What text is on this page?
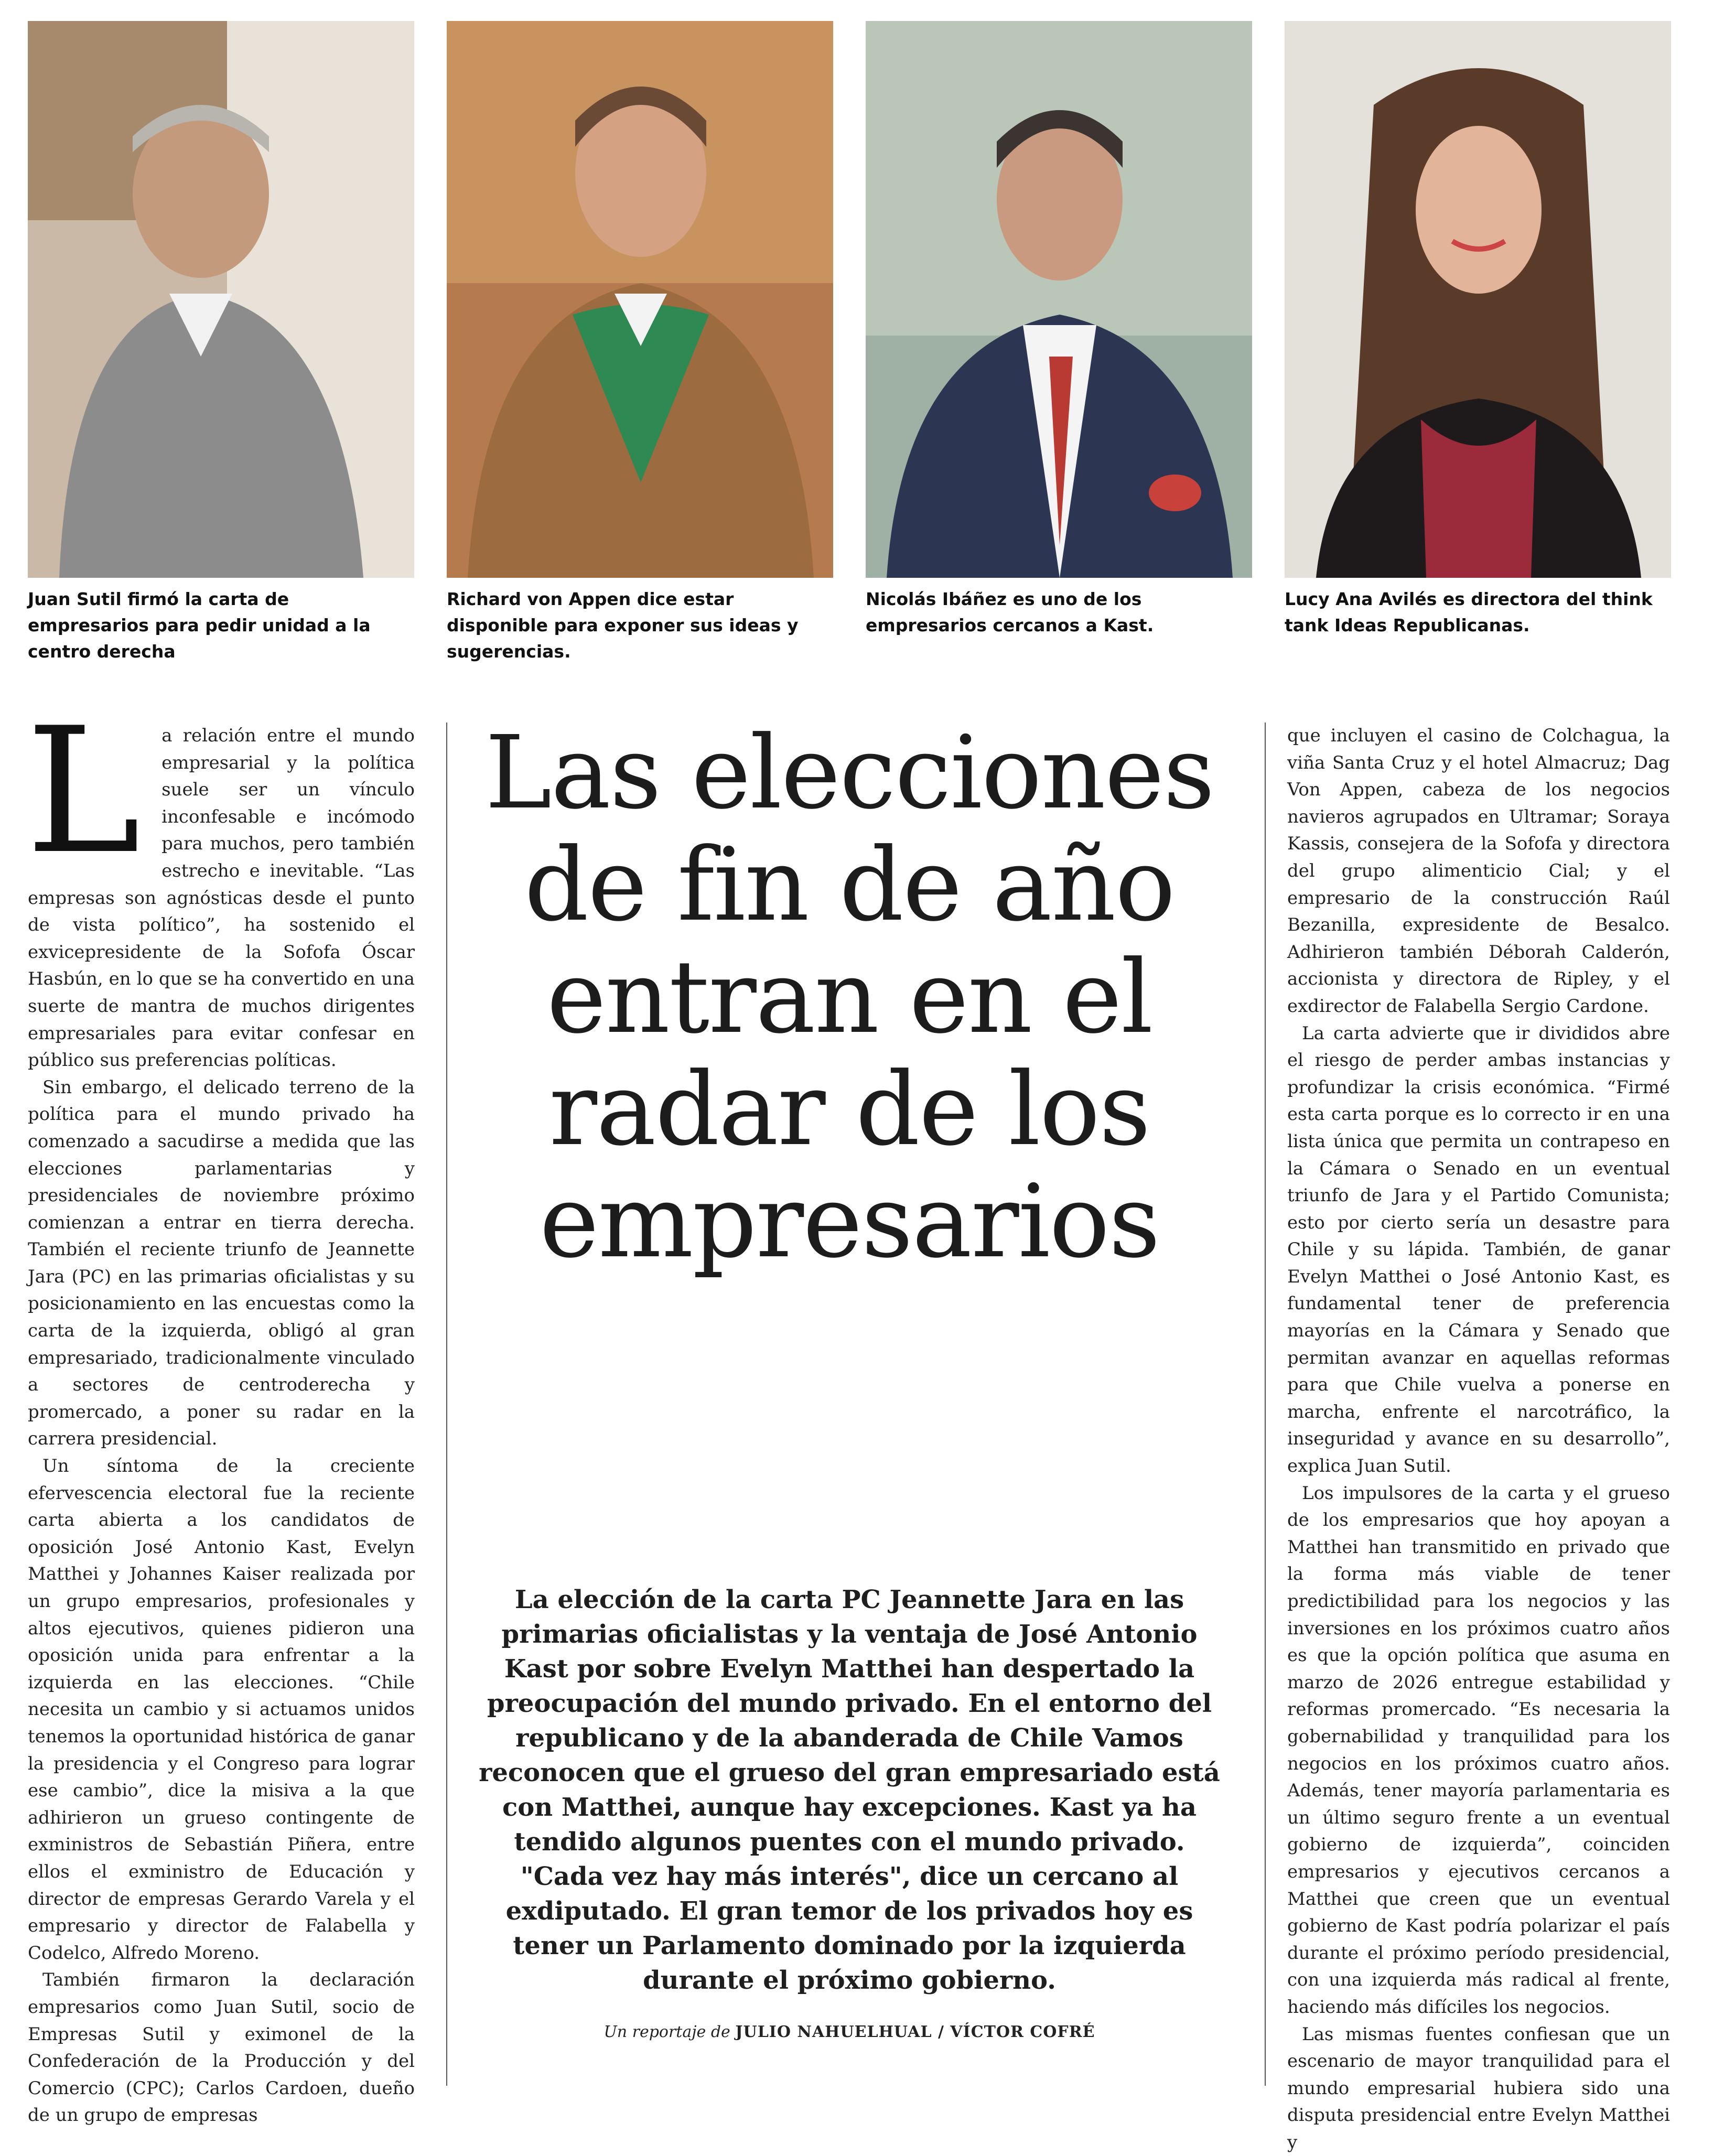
Juan Sutil firmó la carta de empresarios para pedir unidad a la centro derecha
Richard von Appen dice estar disponible para exponer sus ideas y sugerencias.
Nicolás Ibáñez es uno de los empresarios cercanos a Kast.
Lucy Ana Avilés es directora del think tank Ideas Republicanas.

L a relación entre el mundo empresarial y la política suele ser un vínculo inconfesable e incómodo para muchos, pero también estrecho e inevitable. “Las empresas son agnósticas desde el punto de vista político”, ha sostenido el exvicepresidente de la Sofofa Óscar Hasbún, en lo que se ha convertido en una suerte de mantra de muchos dirigentes empresariales para evitar confesar en público sus preferencias políticas.

Sin embargo, el delicado terreno de la política para el mundo privado ha comenzado a sacudirse a medida que las elecciones parlamentarias y presidenciales de noviembre próximo comienzan a entrar en tierra derecha. También el reciente triunfo de Jeannette Jara (PC) en las primarias oficialistas y su posicionamiento en las encuestas como la carta de la izquierda, obligó al gran empresariado, tradicionalmente vinculado a sectores de centroderecha y promercado, a poner su radar en la carrera presidencial.

Un síntoma de la creciente efervescencia electoral fue la reciente carta abierta a los candidatos de oposición José Antonio Kast, Evelyn Matthei y Johannes Kaiser realizada por un grupo empresarios, profesionales y altos ejecutivos, quienes pidieron una oposición unida para enfrentar a la izquierda en las elecciones. “Chile necesita un cambio y si actuamos unidos tenemos la oportunidad histórica de ganar la presidencia y el Congreso para lograr ese cambio”, dice la misiva a la que adhirieron un grueso contingente de exministros de Sebastián Piñera, entre ellos el exministro de Educación y director de empresas Gerardo Varela y el empresario y director de Falabella y Codelco, Alfredo Moreno.

También firmaron la declaración empresarios como Juan Sutil, socio de Empresas Sutil y eximonel de la Confederación de la Producción y del Comercio (CPC); Carlos Cardoen, dueño de un grupo de empresas

Las elecciones de fin de año entran en el radar de los empresarios
La elección de la carta PC Jeannette Jara en las primarias oficialistas y la ventaja de José Antonio Kast por sobre Evelyn Matthei han despertado la preocupación del mundo privado. En el entorno del republicano y de la abanderada de Chile Vamos reconocen que el grueso del gran empresariado está con Matthei, aunque hay excepciones. Kast ya ha tendido algunos puentes con el mundo privado. "Cada vez hay más interés", dice un cercano al exdiputado. El gran temor de los privados hoy es tener un Parlamento dominado por la izquierda durante el próximo gobierno.
Un reportaje de JULIO NAHUELHUAL / VÍCTOR COFRÉ

que incluyen el casino de Colchagua, la viña Santa Cruz y el hotel Almacruz; Dag Von Appen, cabeza de los negocios navieros agrupados en Ultramar; Soraya Kassis, consejera de la Sofofa y directora del grupo alimenticio Cial; y el empresario de la construcción Raúl Bezanilla, expresidente de Besalco. Adhirieron también Déborah Calderón, accionista y directora de Ripley, y el exdirector de Falabella Sergio Cardone.

La carta advierte que ir divididos abre el riesgo de perder ambas instancias y profundizar la crisis económica. “Firmé esta carta porque es lo correcto ir en una lista única que permita un contrapeso en la Cámara o Senado en un eventual triunfo de Jara y el Partido Comunista; esto por cierto sería un desastre para Chile y su lápida. También, de ganar Evelyn Matthei o José Antonio Kast, es fundamental tener de preferencia mayorías en la Cámara y Senado que permitan avanzar en aquellas reformas para que Chile vuelva a ponerse en marcha, enfrente el narcotráfico, la inseguridad y avance en su desarrollo”, explica Juan Sutil.

Los impulsores de la carta y el grueso de los empresarios que hoy apoyan a Matthei han transmitido en privado que la forma más viable de tener predictibilidad para los negocios y las inversiones en los próximos cuatro años es que la opción política que asuma en marzo de 2026 entregue estabilidad y reformas promercado. “Es necesaria la gobernabilidad y tranquilidad para los negocios en los próximos cuatro años. Además, tener mayoría parlamentaria es un último seguro frente a un eventual gobierno de izquierda”, coinciden empresarios y ejecutivos cercanos a Matthei que creen que un eventual gobierno de Kast podría polarizar el país durante el próximo período presidencial, con una izquierda más radical al frente, haciendo más difíciles los negocios.

Las mismas fuentes confiesan que un escenario de mayor tranquilidad para el mundo empresarial hubiera sido una disputa presidencial entre Evelyn Matthei y
